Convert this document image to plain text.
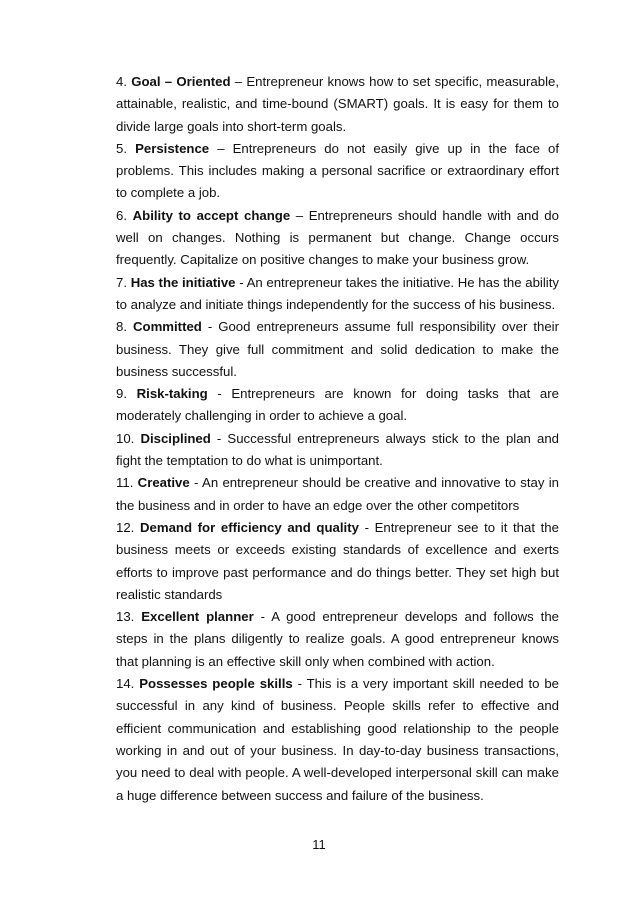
4. Goal – Oriented – Entrepreneur knows how to set specific, measurable, attainable, realistic, and time-bound (SMART) goals. It is easy for them to divide large goals into short-term goals.

5. Persistence – Entrepreneurs do not easily give up in the face of problems. This includes making a personal sacrifice or extraordinary effort to complete a job.

6. Ability to accept change – Entrepreneurs should handle with and do well on changes. Nothing is permanent but change. Change occurs frequently. Capitalize on positive changes to make your business grow.

7. Has the initiative - An entrepreneur takes the initiative. He has the ability to analyze and initiate things independently for the success of his business.

8. Committed - Good entrepreneurs assume full responsibility over their business. They give full commitment and solid dedication to make the business successful.

9. Risk-taking - Entrepreneurs are known for doing tasks that are moderately challenging in order to achieve a goal.

10. Disciplined - Successful entrepreneurs always stick to the plan and fight the temptation to do what is unimportant.

11. Creative - An entrepreneur should be creative and innovative to stay in the business and in order to have an edge over the other competitors

12. Demand for efficiency and quality - Entrepreneur see to it that the business meets or exceeds existing standards of excellence and exerts efforts to improve past performance and do things better. They set high but realistic standards

13. Excellent planner - A good entrepreneur develops and follows the steps in the plans diligently to realize goals. A good entrepreneur knows that planning is an effective skill only when combined with action.

14. Possesses people skills - This is a very important skill needed to be successful in any kind of business. People skills refer to effective and efficient communication and establishing good relationship to the people working in and out of your business. In day-to-day business transactions, you need to deal with people. A well-developed interpersonal skill can make a huge difference between success and failure of the business.

11
